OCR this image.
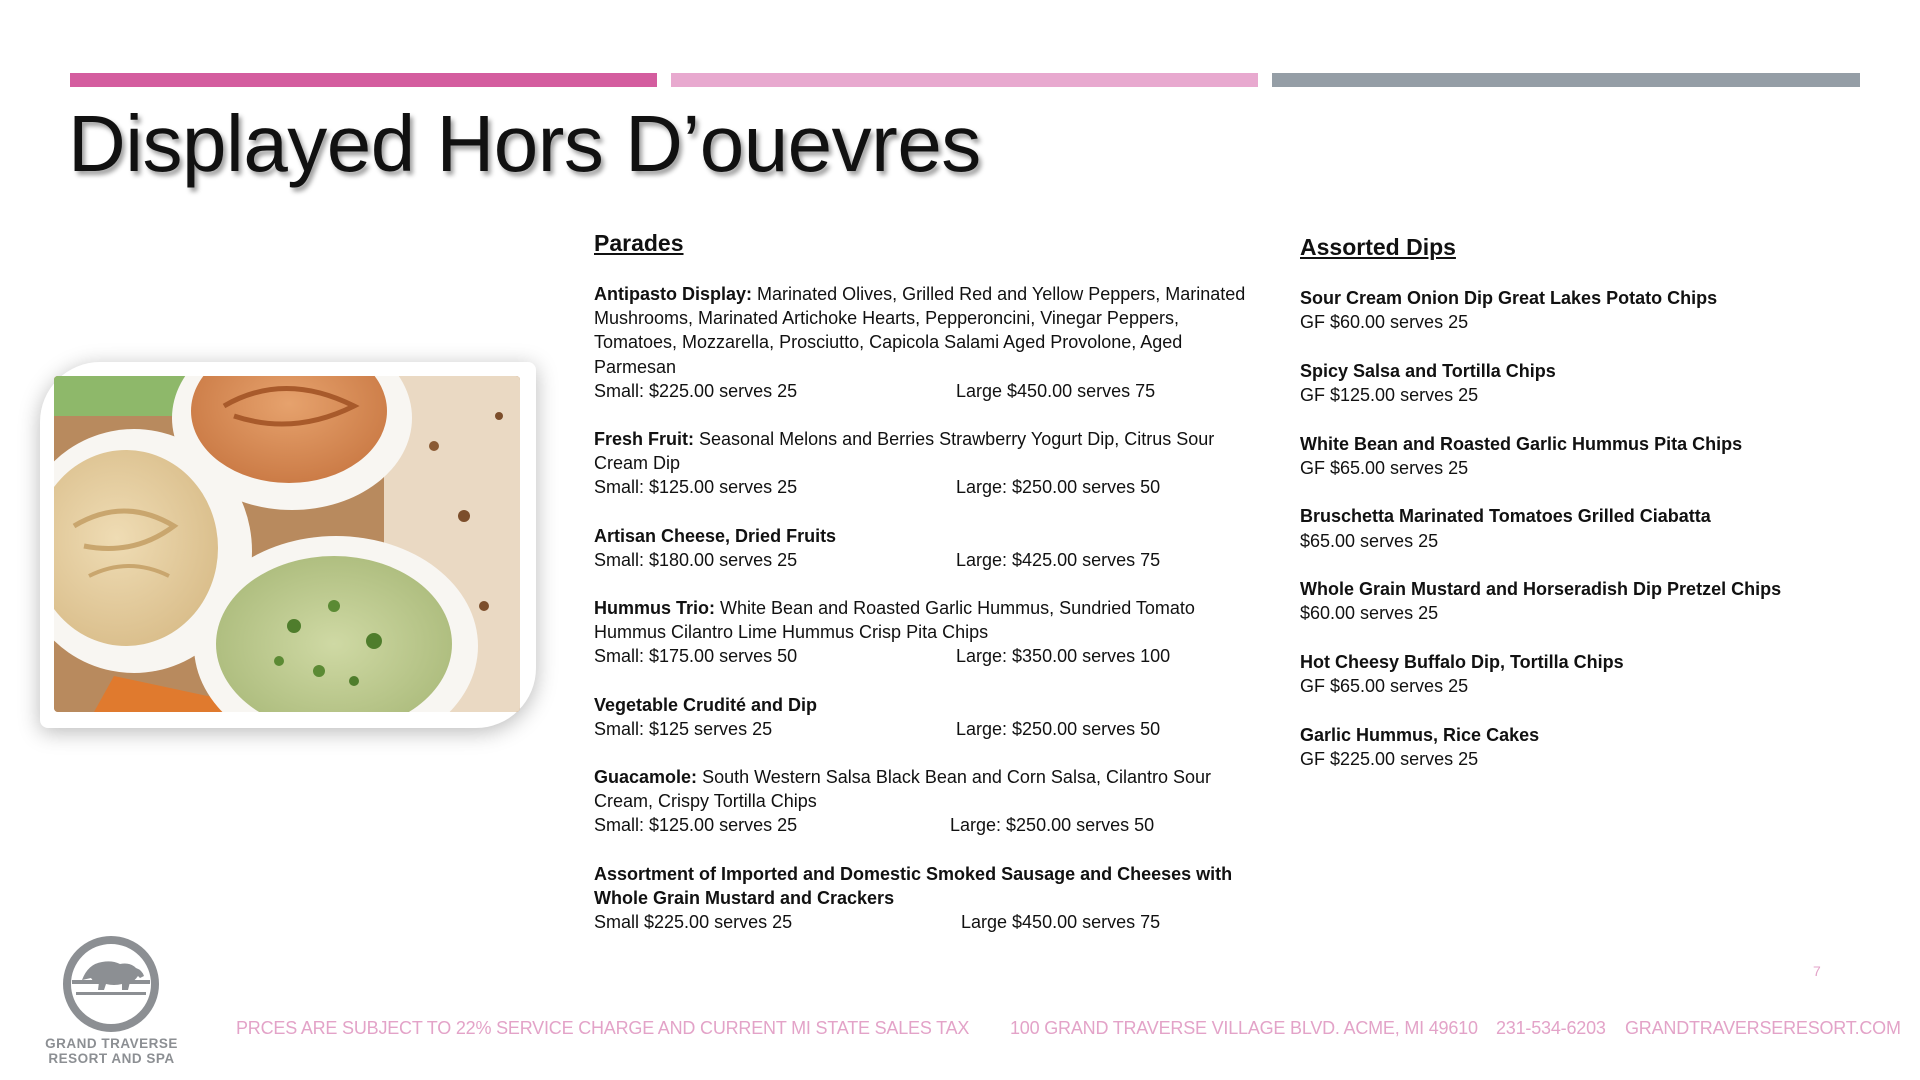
Displayed Hors D’ouevres
Parades
Antipasto Display: Marinated Olives, Grilled Red and Yellow Peppers, Marinated Mushrooms, Marinated Artichoke Hearts, Pepperoncini, Vinegar Peppers, Tomatoes, Mozzarella, Prosciutto, Capicola Salami Aged Provolone, Aged Parmesan
Small: $225.00 serves 25	Large $450.00 serves 75
Fresh Fruit: Seasonal Melons and Berries Strawberry Yogurt Dip, Citrus Sour Cream Dip
Small: $125.00 serves 25	Large: $250.00 serves 50
Artisan Cheese, Dried Fruits
Small: $180.00 serves 25	Large: $425.00 serves 75
Hummus Trio: White Bean and Roasted Garlic Hummus, Sundried Tomato Hummus Cilantro Lime Hummus Crisp Pita Chips
Small: $175.00 serves 50	Large: $350.00 serves 100
Vegetable Crudité and Dip
Small: $125 serves 25	Large: $250.00 serves 50
Guacamole: South Western Salsa Black Bean and Corn Salsa, Cilantro Sour Cream, Crispy Tortilla Chips
Small: $125.00 serves 25	Large: $250.00 serves 50
Assortment of Imported and Domestic Smoked Sausage and Cheeses with Whole Grain Mustard and Crackers
Small $225.00 serves 25	Large $450.00 serves 75
Assorted Dips
Sour Cream Onion Dip Great Lakes Potato Chips
GF $60.00 serves 25
Spicy Salsa and Tortilla Chips
GF $125.00 serves 25
White Bean and Roasted Garlic Hummus Pita Chips
GF $65.00 serves 25
Bruschetta Marinated Tomatoes Grilled Ciabatta
$65.00 serves 25
Whole Grain Mustard and Horseradish Dip Pretzel Chips
$60.00 serves 25
Hot Cheesy Buffalo Dip, Tortilla Chips
GF $65.00 serves 25
Garlic Hummus, Rice Cakes
GF $225.00 serves 25
GRAND TRAVERSE
RESORT AND SPA
PRCES ARE SUBJECT TO 22% SERVICE CHARGE AND CURRENT MI STATE SALES TAX 100 GRAND TRAVERSE VILLAGE BLVD. ACME, MI 49610 231-534-6203 GRANDTRAVERSERESORT.COM
7
